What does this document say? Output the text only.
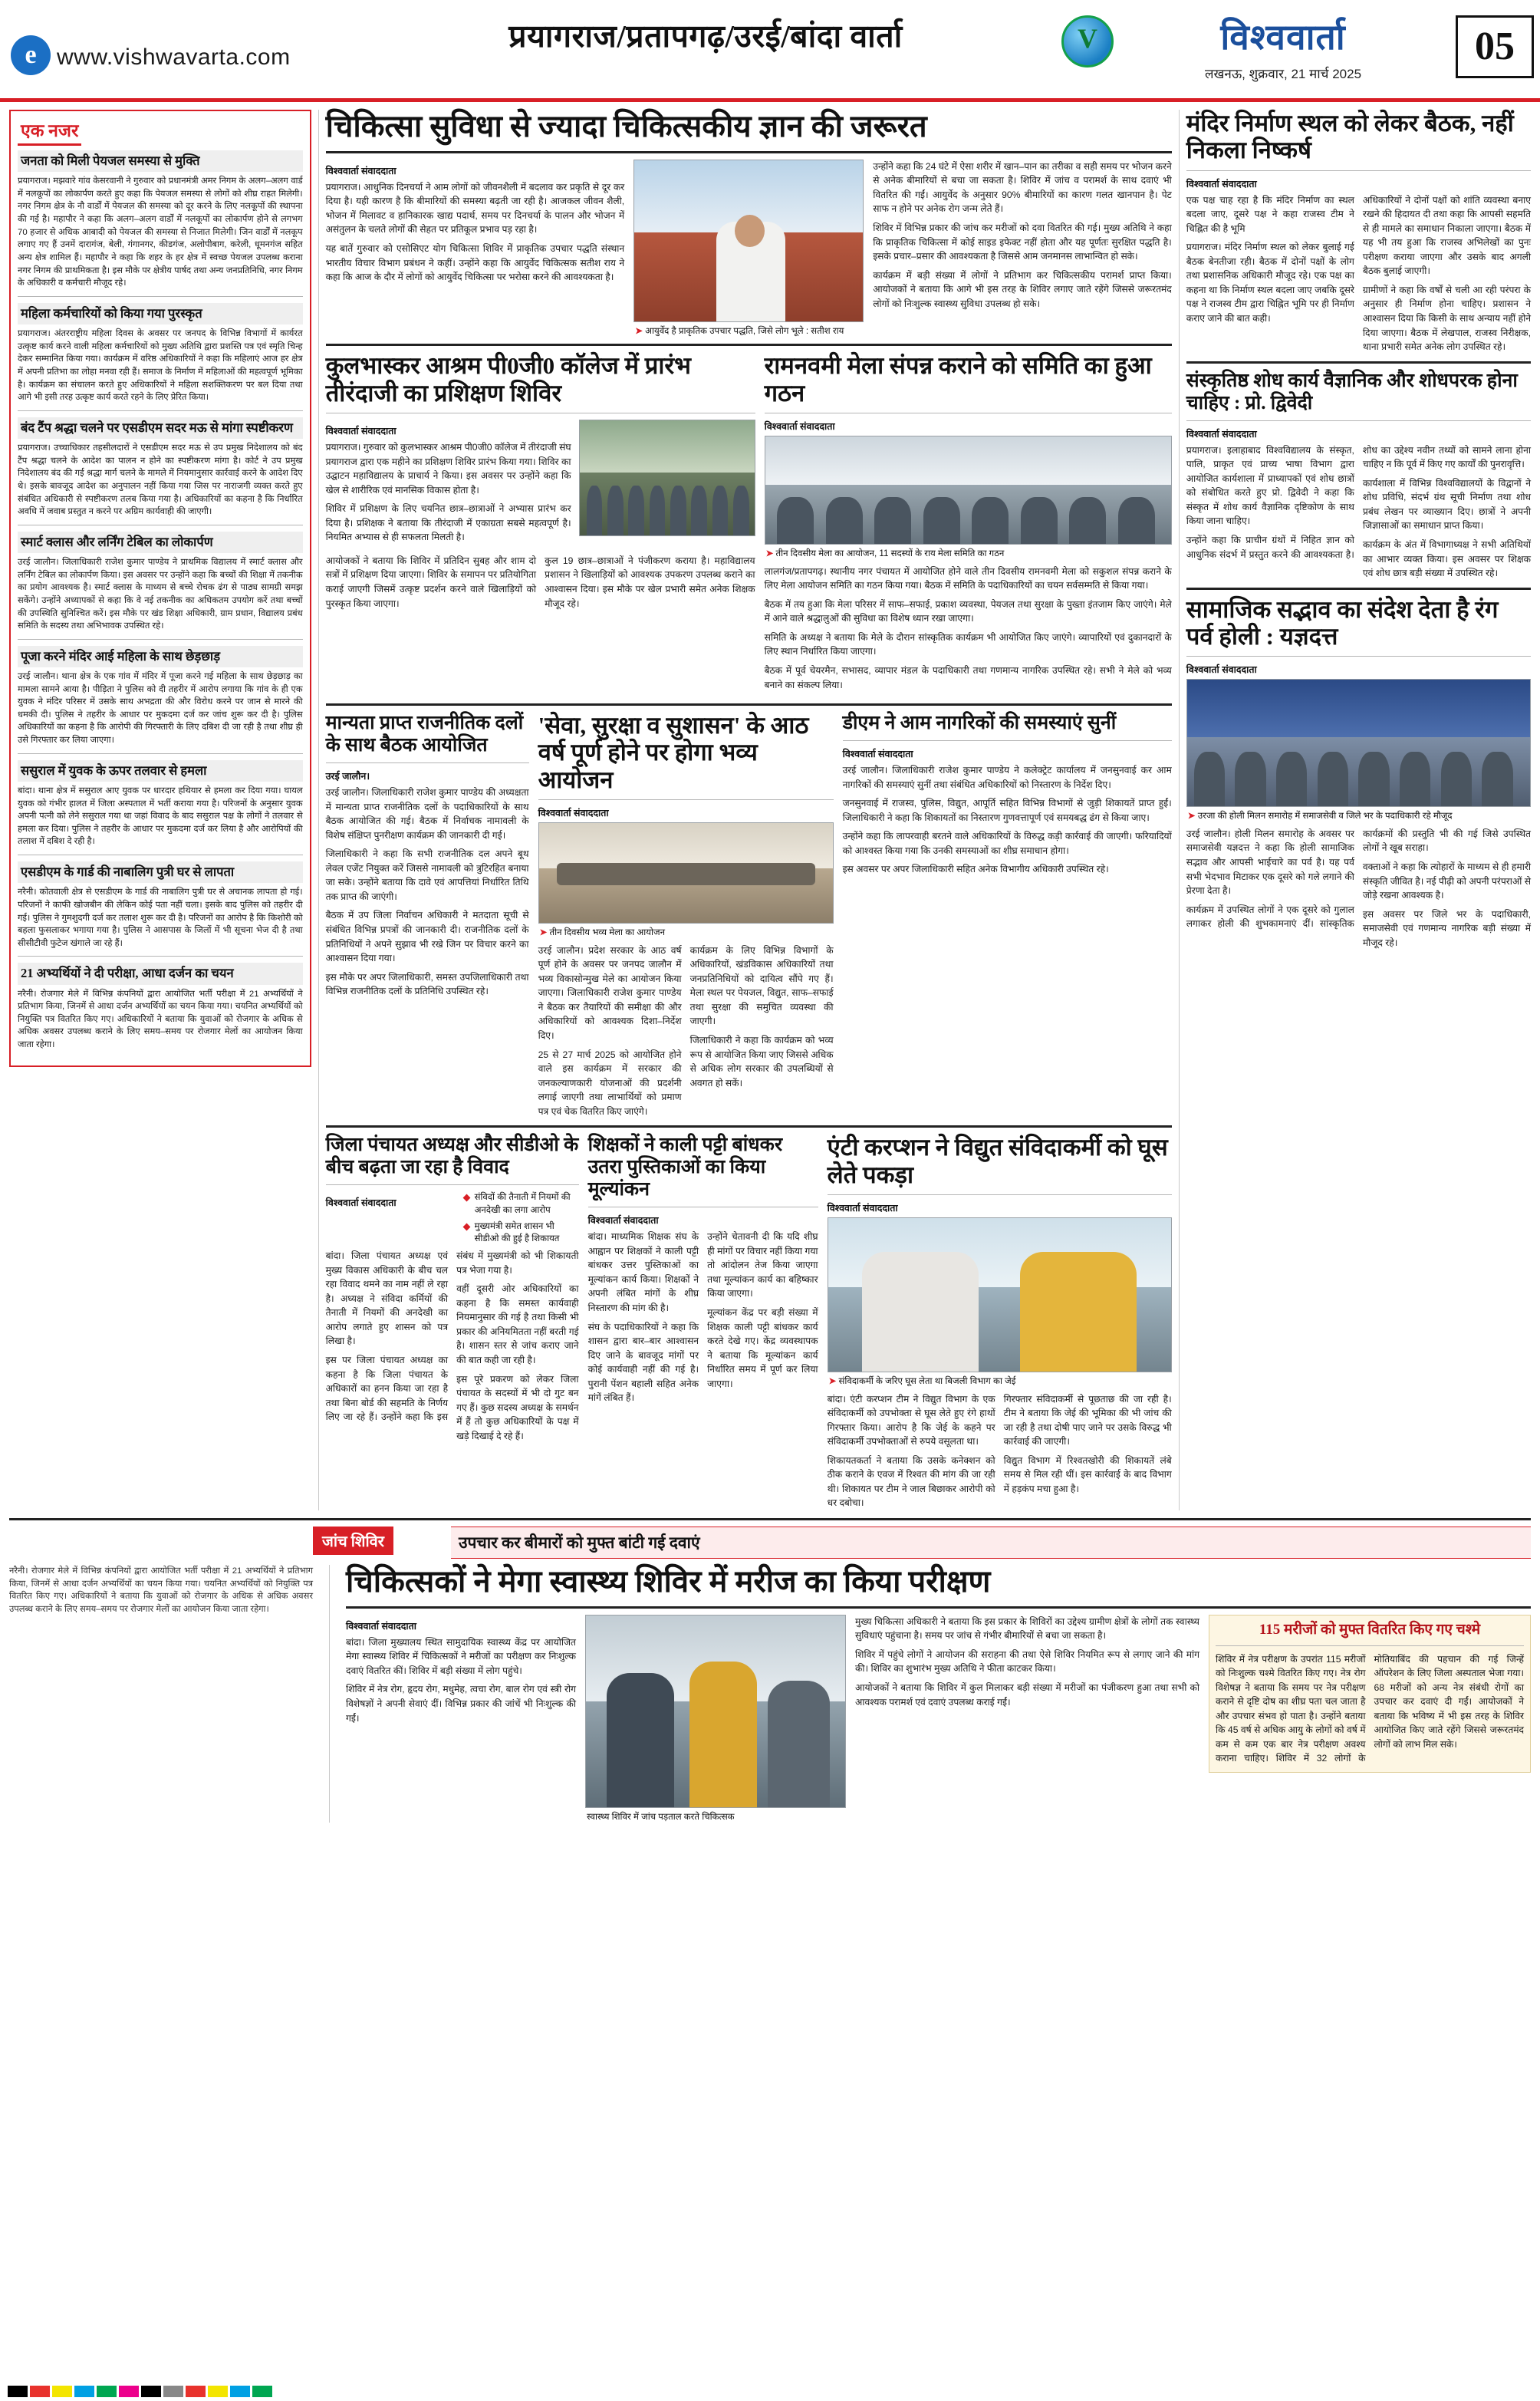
e www.vishwavarta.com
प्रयागराज/प्रतापगढ़/उरई/बांदा वार्ता V	विश्ववार्ता
लखनऊ, शुक्रवार, 21 मार्च 2025
05
एक नजर
जनता को मिली पेयजल समस्या से मुक्ति
प्रयागराज। मझवारे गांव केसरवानी ने गुरुवार को प्रधानमंत्री अमर निगम के अलग–अलग वार्ड में नलकूपों का लोकार्पण करते हुए कहा कि पेयजल समस्या से लोगों को शीघ्र राहत मिलेगी। नगर निगम क्षेत्र के नौ वार्डों में पेयजल की समस्या को दूर करने के लिए नलकूपों की स्थापना की गई है। महापौर ने कहा कि अलग–अलग वार्डों में नलकूपों का लोकार्पण होने से लगभग 70 हजार से अधिक आबादी को पेयजल की समस्या से निजात मिलेगी। जिन वार्डों में नलकूप लगाए गए हैं उनमें दारागंज, बेली, गंगानगर, कीडगंज, अलोपीबाग, करेली, धूमनगंज सहित अन्य क्षेत्र शामिल हैं। महापौर ने कहा कि शहर के हर क्षेत्र में स्वच्छ पेयजल उपलब्ध कराना नगर निगम की प्राथमिकता है। इस मौके पर क्षेत्रीय पार्षद तथा अन्य जनप्रतिनिधि, नगर निगम के अधिकारी व कर्मचारी मौजूद रहे।
महिला कर्मचारियों को किया गया पुरस्कृत
प्रयागराज। अंतरराष्ट्रीय महिला दिवस के अवसर पर जनपद के विभिन्न विभागों में कार्यरत उत्कृष्ट कार्य करने वाली महिला कर्मचारियों को मुख्य अतिथि द्वारा प्रशस्ति पत्र एवं स्मृति चिन्ह देकर सम्मानित किया गया। कार्यक्रम में वरिष्ठ अधिकारियों ने कहा कि महिलाएं आज हर क्षेत्र में अपनी प्रतिभा का लोहा मनवा रही हैं। समाज के निर्माण में महिलाओं की महत्वपूर्ण भूमिका है। कार्यक्रम का संचालन करते हुए अधिकारियों ने महिला सशक्तिकरण पर बल दिया तथा आगे भी इसी तरह उत्कृष्ट कार्य करते रहने के लिए प्रेरित किया।
बंद टैंप श्रद्धा चलने पर एसडीएम सदर मऊ से मांगा स्पष्टीकरण
प्रयागराज। उच्चाधिकार तहसीलदारों ने एसडीएम सदर मऊ से उप प्रमुख निदेशालय को बंद टैंप श्रद्धा चलने के आदेश का पालन न होने का स्पष्टीकरण मांगा है। कोर्ट ने उप प्रमुख निदेशालय बंद की गई श्रद्धा मार्ग चलने के मामले में नियमानुसार कार्रवाई करने के आदेश दिए थे। इसके बावजूद आदेश का अनुपालन नहीं किया गया जिस पर नाराजगी व्यक्त करते हुए संबंधित अधिकारी से स्पष्टीकरण तलब किया गया है। अधिकारियों का कहना है कि निर्धारित अवधि में जवाब प्रस्तुत न करने पर अग्रिम कार्यवाही की जाएगी।
स्मार्ट क्लास और लर्निंग टेबिल का लोकार्पण
उरई जालौन। जिलाधिकारी राजेश कुमार पाण्डेय ने प्राथमिक विद्यालय में स्मार्ट क्लास और लर्निंग टेबिल का लोकार्पण किया। इस अवसर पर उन्होंने कहा कि बच्चों की शिक्षा में तकनीक का प्रयोग आवश्यक है। स्मार्ट क्लास के माध्यम से बच्चे रोचक ढंग से पाठ्य सामग्री समझ सकेंगे। उन्होंने अध्यापकों से कहा कि वे नई तकनीक का अधिकतम उपयोग करें तथा बच्चों की उपस्थिति सुनिश्चित करें। इस मौके पर खंड शिक्षा अधिकारी, ग्राम प्रधान, विद्यालय प्रबंध समिति के सदस्य तथा अभिभावक उपस्थित रहे।
पूजा करने मंदिर आई महिला के साथ छेड़छाड़
उरई जालौन। थाना क्षेत्र के एक गांव में मंदिर में पूजा करने गई महिला के साथ छेड़छाड़ का मामला सामने आया है। पीड़िता ने पुलिस को दी तहरीर में आरोप लगाया कि गांव के ही एक युवक ने मंदिर परिसर में उसके साथ अभद्रता की और विरोध करने पर जान से मारने की धमकी दी। पुलिस ने तहरीर के आधार पर मुकदमा दर्ज कर जांच शुरू कर दी है। पुलिस अधिकारियों का कहना है कि आरोपी की गिरफ्तारी के लिए दबिश दी जा रही है तथा शीघ्र ही उसे गिरफ्तार कर लिया जाएगा।
ससुराल में युवक के ऊपर तलवार से हमला
बांदा। थाना क्षेत्र में ससुराल आए युवक पर धारदार हथियार से हमला कर दिया गया। घायल युवक को गंभीर हालत में जिला अस्पताल में भर्ती कराया गया है। परिजनों के अनुसार युवक अपनी पत्नी को लेने ससुराल गया था जहां विवाद के बाद ससुराल पक्ष के लोगों ने तलवार से हमला कर दिया। पुलिस ने तहरीर के आधार पर मुकदमा दर्ज कर लिया है और आरोपियों की तलाश में दबिश दे रही है।
एसडीएम के गार्ड की नाबालिग पुत्री घर से लापता
नरैनी। कोतवाली क्षेत्र से एसडीएम के गार्ड की नाबालिग पुत्री घर से अचानक लापता हो गई। परिजनों ने काफी खोजबीन की लेकिन कोई पता नहीं चला। इसके बाद पुलिस को तहरीर दी गई। पुलिस ने गुमशुदगी दर्ज कर तलाश शुरू कर दी है। परिजनों का आरोप है कि किशोरी को बहला फुसलाकर भगाया गया है। पुलिस ने आसपास के जिलों में भी सूचना भेज दी है तथा सीसीटीवी फुटेज खंगाले जा रहे हैं।
21 अभ्यर्थियों ने दी परीक्षा, आधा दर्जन का चयन
नरैनी। रोजगार मेले में विभिन्न कंपनियों द्वारा आयोजित भर्ती परीक्षा में 21 अभ्यर्थियों ने प्रतिभाग किया, जिनमें से आधा दर्जन अभ्यर्थियों का चयन किया गया। चयनित अभ्यर्थियों को नियुक्ति पत्र वितरित किए गए। अधिकारियों ने बताया कि युवाओं को रोजगार के अधिक से अधिक अवसर उपलब्ध कराने के लिए समय–समय पर रोजगार मेलों का आयोजन किया जाता रहेगा।
चिकित्सा सुविधा से ज्यादा चिकित्सकीय ज्ञान की जरूरत
विश्ववार्ता संवाददाता

प्रयागराज। आधुनिक दिनचर्या ने आम लोगों को जीवनशैली में बदलाव कर प्रकृति से दूर कर दिया है। यही कारण है कि बीमारियों की समस्या बढ़ती जा रही है। आजकल जीवन शैली, भोजन में मिलावट व हानिकारक खाद्य पदार्थ, समय पर दिनचर्या के पालन और भोजन में असंतुलन के चलते लोगों की सेहत पर प्रतिकूल प्रभाव पड़ रहा है।

यह बातें गुरुवार को एसोसिएट योग चिकित्सा शिविर में प्राकृतिक उपचार पद्धति संस्थान भारतीय विचार विभाग प्रबंधन ने कहीं। उन्होंने कहा कि आयुर्वेद चिकित्सक सतीश राय ने कहा कि आज के दौर में लोगों को आयुर्वेद चिकित्सा पर भरोसा करने की आवश्यकता है।

➤ आयुर्वेद है प्राकृतिक उपचार पद्धति, जिसे लोग भूले : सतीश राय

उन्होंने कहा कि 24 घंटे में ऐसा शरीर में खान–पान का तरीका व सही समय पर भोजन करने से अनेक बीमारियों से बचा जा सकता है। शिविर में जांच व परामर्श के साथ दवाएं भी वितरित की गईं। आयुर्वेद के अनुसार 90% बीमारियों का कारण गलत खानपान है। पेट साफ न होने पर अनेक रोग जन्म लेते हैं।

शिविर में विभिन्न प्रकार की जांच कर मरीजों को दवा वितरित की गई। मुख्य अतिथि ने कहा कि प्राकृतिक चिकित्सा में कोई साइड इफेक्ट नहीं होता और यह पूर्णतः सुरक्षित पद्धति है। इसके प्रचार–प्रसार की आवश्यकता है जिससे आम जनमानस लाभान्वित हो सके।

कार्यक्रम में बड़ी संख्या में लोगों ने प्रतिभाग कर चिकित्सकीय परामर्श प्राप्त किया। आयोजकों ने बताया कि आगे भी इस तरह के शिविर लगाए जाते रहेंगे जिससे जरूरतमंद लोगों को निःशुल्क स्वास्थ्य सुविधा उपलब्ध हो सके।

कुलभास्कर आश्रम पी0जी0 कॉलेज में प्रारंभ तीरंदाजी का प्रशिक्षण शिविर
विश्ववार्ता संवाददाता

प्रयागराज। गुरुवार को कुलभास्कर आश्रम पी0जी0 कॉलेज में तीरंदाजी संघ प्रयागराज द्वारा एक महीने का प्रशिक्षण शिविर प्रारंभ किया गया। शिविर का उद्घाटन महाविद्यालय के प्राचार्य ने किया। इस अवसर पर उन्होंने कहा कि खेल से शारीरिक एवं मानसिक विकास होता है।

शिविर में प्रशिक्षण के लिए चयनित छात्र–छात्राओं ने अभ्यास प्रारंभ कर दिया है। प्रशिक्षक ने बताया कि तीरंदाजी में एकाग्रता सबसे महत्वपूर्ण है। नियमित अभ्यास से ही सफलता मिलती है।

आयोजकों ने बताया कि शिविर में प्रतिदिन सुबह और शाम दो सत्रों में प्रशिक्षण दिया जाएगा। शिविर के समापन पर प्रतियोगिता कराई जाएगी जिसमें उत्कृष्ट प्रदर्शन करने वाले खिलाड़ियों को पुरस्कृत किया जाएगा।

कुल 19 छात्र–छात्राओं ने पंजीकरण कराया है। महाविद्यालय प्रशासन ने खिलाड़ियों को आवश्यक उपकरण उपलब्ध कराने का आश्वासन दिया। इस मौके पर खेल प्रभारी समेत अनेक शिक्षक मौजूद रहे।

रामनवमी मेला संपन्न कराने को समिति का हुआ गठन
विश्ववार्ता संवाददाता
➤ तीन दिवसीय मेला का आयोजन, 11 सदस्यों के राय मेला समिति का गठन

लालगंज/प्रतापगढ़। स्थानीय नगर पंचायत में आयोजित होने वाले तीन दिवसीय रामनवमी मेला को सकुशल संपन्न कराने के लिए मेला आयोजन समिति का गठन किया गया। बैठक में समिति के पदाधिकारियों का चयन सर्वसम्मति से किया गया।

बैठक में तय हुआ कि मेला परिसर में साफ–सफाई, प्रकाश व्यवस्था, पेयजल तथा सुरक्षा के पुख्ता इंतजाम किए जाएंगे। मेले में आने वाले श्रद्धालुओं की सुविधा का विशेष ध्यान रखा जाएगा।

समिति के अध्यक्ष ने बताया कि मेले के दौरान सांस्कृतिक कार्यक्रम भी आयोजित किए जाएंगे। व्यापारियों एवं दुकानदारों के लिए स्थान निर्धारित किया जाएगा।

बैठक में पूर्व चेयरमैन, सभासद, व्यापार मंडल के पदाधिकारी तथा गणमान्य नागरिक उपस्थित रहे। सभी ने मेले को भव्य बनाने का संकल्प लिया।

मान्यता प्राप्त राजनीतिक दलों के साथ बैठक आयोजित
उरई जालौन।

उरई जालौन। जिलाधिकारी राजेश कुमार पाण्डेय की अध्यक्षता में मान्यता प्राप्त राजनीतिक दलों के पदाधिकारियों के साथ बैठक आयोजित की गई। बैठक में निर्वाचक नामावली के विशेष संक्षिप्त पुनरीक्षण कार्यक्रम की जानकारी दी गई।

जिलाधिकारी ने कहा कि सभी राजनीतिक दल अपने बूथ लेवल एजेंट नियुक्त करें जिससे नामावली को त्रुटिरहित बनाया जा सके। उन्होंने बताया कि दावे एवं आपत्तियां निर्धारित तिथि तक प्राप्त की जाएंगी।

बैठक में उप जिला निर्वाचन अधिकारी ने मतदाता सूची से संबंधित विभिन्न प्रपत्रों की जानकारी दी। राजनीतिक दलों के प्रतिनिधियों ने अपने सुझाव भी रखे जिन पर विचार करने का आश्वासन दिया गया।

इस मौके पर अपर जिलाधिकारी, समस्त उपजिलाधिकारी तथा विभिन्न राजनीतिक दलों के प्रतिनिधि उपस्थित रहे।

'सेवा, सुरक्षा व सुशासन' के आठ वर्ष पूर्ण होने पर होगा भव्य आयोजन
विश्ववार्ता संवाददाता
➤ तीन दिवसीय भव्य मेला का आयोजन

उरई जालौन। प्रदेश सरकार के आठ वर्ष पूर्ण होने के अवसर पर जनपद जालौन में भव्य विकासोन्मुख मेले का आयोजन किया जाएगा। जिलाधिकारी राजेश कुमार पाण्डेय ने बैठक कर तैयारियों की समीक्षा की और अधिकारियों को आवश्यक दिशा–निर्देश दिए।

25 से 27 मार्च 2025 को आयोजित होने वाले इस कार्यक्रम में सरकार की जनकल्याणकारी योजनाओं की प्रदर्शनी लगाई जाएगी तथा लाभार्थियों को प्रमाण पत्र एवं चेक वितरित किए जाएंगे।

कार्यक्रम के लिए विभिन्न विभागों के अधिकारियों, खंडविकास अधिकारियों तथा जनप्रतिनिधियों को दायित्व सौंपे गए हैं। मेला स्थल पर पेयजल, विद्युत, साफ–सफाई तथा सुरक्षा की समुचित व्यवस्था की जाएगी।

जिलाधिकारी ने कहा कि कार्यक्रम को भव्य रूप से आयोजित किया जाए जिससे अधिक से अधिक लोग सरकार की उपलब्धियों से अवगत हो सकें।

डीएम ने आम नागरिकों की समस्याएं सुनीं
विश्ववार्ता संवाददाता

उरई जालौन। जिलाधिकारी राजेश कुमार पाण्डेय ने कलेक्ट्रेट कार्यालय में जनसुनवाई कर आम नागरिकों की समस्याएं सुनीं तथा संबंधित अधिकारियों को निस्तारण के निर्देश दिए।

जनसुनवाई में राजस्व, पुलिस, विद्युत, आपूर्ति सहित विभिन्न विभागों से जुड़ी शिकायतें प्राप्त हुईं। जिलाधिकारी ने कहा कि शिकायतों का निस्तारण गुणवत्तापूर्ण एवं समयबद्ध ढंग से किया जाए।

उन्होंने कहा कि लापरवाही बरतने वाले अधिकारियों के विरुद्ध कड़ी कार्रवाई की जाएगी। फरियादियों को आश्वस्त किया गया कि उनकी समस्याओं का शीघ्र समाधान होगा।

इस अवसर पर अपर जिलाधिकारी सहित अनेक विभागीय अधिकारी उपस्थित रहे।

जिला पंचायत अध्यक्ष और सीडीओ के बीच बढ़ता जा रहा है विवाद
विश्ववार्ता संवाददाता
संविदों की तैनाती में नियमों की अनदेखी का लगा आरोप
मुख्यमंत्री समेत शासन भी सीडीओ की हुई है शिकायत

बांदा। जिला पंचायत अध्यक्ष एवं मुख्य विकास अधिकारी के बीच चल रहा विवाद थमने का नाम नहीं ले रहा है। अध्यक्ष ने संविदा कर्मियों की तैनाती में नियमों की अनदेखी का आरोप लगाते हुए शासन को पत्र लिखा है।

इस पर जिला पंचायत अध्यक्ष का कहना है कि जिला पंचायत के अधिकारों का हनन किया जा रहा है तथा बिना बोर्ड की सहमति के निर्णय लिए जा रहे हैं। उन्होंने कहा कि इस संबंध में मुख्यमंत्री को भी शिकायती पत्र भेजा गया है।

वहीं दूसरी ओर अधिकारियों का कहना है कि समस्त कार्यवाही नियमानुसार की गई है तथा किसी भी प्रकार की अनियमितता नहीं बरती गई है। शासन स्तर से जांच कराए जाने की बात कही जा रही है।

इस पूरे प्रकरण को लेकर जिला पंचायत के सदस्यों में भी दो गुट बन गए हैं। कुछ सदस्य अध्यक्ष के समर्थन में हैं तो कुछ अधिकारियों के पक्ष में खड़े दिखाई दे रहे हैं।

शिक्षकों ने काली पट्टी बांधकर उतरा पुस्तिकाओं का किया मूल्यांकन
विश्ववार्ता संवाददाता

बांदा। माध्यमिक शिक्षक संघ के आह्वान पर शिक्षकों ने काली पट्टी बांधकर उत्तर पुस्तिकाओं का मूल्यांकन कार्य किया। शिक्षकों ने अपनी लंबित मांगों के शीघ्र निस्तारण की मांग की है।

संघ के पदाधिकारियों ने कहा कि शासन द्वारा बार–बार आश्वासन दिए जाने के बावजूद मांगों पर कोई कार्यवाही नहीं की गई है। पुरानी पेंशन बहाली सहित अनेक मांगें लंबित हैं।

उन्होंने चेतावनी दी कि यदि शीघ्र ही मांगों पर विचार नहीं किया गया तो आंदोलन तेज किया जाएगा तथा मूल्यांकन कार्य का बहिष्कार किया जाएगा।

मूल्यांकन केंद्र पर बड़ी संख्या में शिक्षक काली पट्टी बांधकर कार्य करते देखे गए। केंद्र व्यवस्थापक ने बताया कि मूल्यांकन कार्य निर्धारित समय में पूर्ण कर लिया जाएगा।

एंटी करप्शन ने विद्युत संविदाकर्मी को घूस लेते पकड़ा
विश्ववार्ता संवाददाता
➤ संविदाकर्मी के जरिए घूस लेता था बिजली विभाग का जेई

बांदा। एंटी करप्शन टीम ने विद्युत विभाग के एक संविदाकर्मी को उपभोक्ता से घूस लेते हुए रंगे हाथों गिरफ्तार किया। आरोप है कि जेई के कहने पर संविदाकर्मी उपभोक्ताओं से रुपये वसूलता था।

शिकायतकर्ता ने बताया कि उसके कनेक्शन को ठीक कराने के एवज में रिश्वत की मांग की जा रही थी। शिकायत पर टीम ने जाल बिछाकर आरोपी को धर दबोचा।

गिरफ्तार संविदाकर्मी से पूछताछ की जा रही है। टीम ने बताया कि जेई की भूमिका की भी जांच की जा रही है तथा दोषी पाए जाने पर उसके विरुद्ध भी कार्रवाई की जाएगी।

विद्युत विभाग में रिश्वतखोरी की शिकायतें लंबे समय से मिल रही थीं। इस कार्रवाई के बाद विभाग में हड़कंप मचा हुआ है।

मंदिर निर्माण स्थल को लेकर बैठक, नहीं निकला निष्कर्ष
विश्ववार्ता संवाददाता

एक पक्ष चाह रहा है कि मंदिर निर्माण का स्थल बदला जाए, दूसरे पक्ष ने कहा राजस्व टीम ने चिह्नित की है भूमि

प्रयागराज। मंदिर निर्माण स्थल को लेकर बुलाई गई बैठक बेनतीजा रही। बैठक में दोनों पक्षों के लोग तथा प्रशासनिक अधिकारी मौजूद रहे। एक पक्ष का कहना था कि निर्माण स्थल बदला जाए जबकि दूसरे पक्ष ने राजस्व टीम द्वारा चिह्नित भूमि पर ही निर्माण कराए जाने की बात कही।

अधिकारियों ने दोनों पक्षों को शांति व्यवस्था बनाए रखने की हिदायत दी तथा कहा कि आपसी सहमति से ही मामले का समाधान निकाला जाएगा। बैठक में यह भी तय हुआ कि राजस्व अभिलेखों का पुनः परीक्षण कराया जाएगा और उसके बाद अगली बैठक बुलाई जाएगी।

ग्रामीणों ने कहा कि वर्षों से चली आ रही परंपरा के अनुसार ही निर्माण होना चाहिए। प्रशासन ने आश्वासन दिया कि किसी के साथ अन्याय नहीं होने दिया जाएगा। बैठक में लेखपाल, राजस्व निरीक्षक, थाना प्रभारी समेत अनेक लोग उपस्थित रहे।

संस्कृतिष्ठ शोध कार्य वैज्ञानिक और शोधपरक होना चाहिए : प्रो. द्विवेदी
विश्ववार्ता संवाददाता

प्रयागराज। इलाहाबाद विश्वविद्यालय के संस्कृत, पालि, प्राकृत एवं प्राच्य भाषा विभाग द्वारा आयोजित कार्यशाला में प्राध्यापकों एवं शोध छात्रों को संबोधित करते हुए प्रो. द्विवेदी ने कहा कि संस्कृत में शोध कार्य वैज्ञानिक दृष्टिकोण के साथ किया जाना चाहिए।

उन्होंने कहा कि प्राचीन ग्रंथों में निहित ज्ञान को आधुनिक संदर्भ में प्रस्तुत करने की आवश्यकता है। शोध का उद्देश्य नवीन तथ्यों को सामने लाना होना चाहिए न कि पूर्व में किए गए कार्यों की पुनरावृत्ति।

कार्यशाला में विभिन्न विश्वविद्यालयों के विद्वानों ने शोध प्रविधि, संदर्भ ग्रंथ सूची निर्माण तथा शोध प्रबंध लेखन पर व्याख्यान दिए। छात्रों ने अपनी जिज्ञासाओं का समाधान प्राप्त किया।

कार्यक्रम के अंत में विभागाध्यक्ष ने सभी अतिथियों का आभार व्यक्त किया। इस अवसर पर शिक्षक एवं शोध छात्र बड़ी संख्या में उपस्थित रहे।

सामाजिक सद्भाव का संदेश देता है रंग पर्व होली : यज्ञदत्त
विश्ववार्ता संवाददाता
➤ उरजा की होली मिलन समारोह में समाजसेवी व जिले भर के पदाधिकारी रहे मौजूद

उरई जालौन। होली मिलन समारोह के अवसर पर समाजसेवी यज्ञदत्त ने कहा कि होली सामाजिक सद्भाव और आपसी भाईचारे का पर्व है। यह पर्व सभी भेदभाव मिटाकर एक दूसरे को गले लगाने की प्रेरणा देता है।

कार्यक्रम में उपस्थित लोगों ने एक दूसरे को गुलाल लगाकर होली की शुभकामनाएं दीं। सांस्कृतिक कार्यक्रमों की प्रस्तुति भी की गई जिसे उपस्थित लोगों ने खूब सराहा।

वक्ताओं ने कहा कि त्योहारों के माध्यम से ही हमारी संस्कृति जीवित है। नई पीढ़ी को अपनी परंपराओं से जोड़े रखना आवश्यक है।

इस अवसर पर जिले भर के पदाधिकारी, समाजसेवी एवं गणमान्य नागरिक बड़ी संख्या में मौजूद रहे।

जांच शिविर	उपचार कर बीमारों को मुफ्त बांटी गई दवाएं
नरैनी। रोजगार मेले में विभिन्न कंपनियों द्वारा आयोजित भर्ती परीक्षा में 21 अभ्यर्थियों ने प्रतिभाग किया, जिनमें से आधा दर्जन अभ्यर्थियों का चयन किया गया। चयनित अभ्यर्थियों को नियुक्ति पत्र वितरित किए गए। अधिकारियों ने बताया कि युवाओं को रोजगार के अधिक से अधिक अवसर उपलब्ध कराने के लिए समय–समय पर रोजगार मेलों का आयोजन किया जाता रहेगा।
चिकित्सकों ने मेगा स्वास्थ्य शिविर में मरीज का किया परीक्षण
विश्ववार्ता संवाददाता

बांदा। जिला मुख्यालय स्थित सामुदायिक स्वास्थ्य केंद्र पर आयोजित मेगा स्वास्थ्य शिविर में चिकित्सकों ने मरीजों का परीक्षण कर निःशुल्क दवाएं वितरित कीं। शिविर में बड़ी संख्या में लोग पहुंचे।

शिविर में नेत्र रोग, हृदय रोग, मधुमेह, त्वचा रोग, बाल रोग एवं स्त्री रोग विशेषज्ञों ने अपनी सेवाएं दीं। विभिन्न प्रकार की जांचें भी निःशुल्क की गईं।

स्वास्थ्य शिविर में जांच पड़ताल करते चिकित्सक

मुख्य चिकित्सा अधिकारी ने बताया कि इस प्रकार के शिविरों का उद्देश्य ग्रामीण क्षेत्रों के लोगों तक स्वास्थ्य सुविधाएं पहुंचाना है। समय पर जांच से गंभीर बीमारियों से बचा जा सकता है।

शिविर में पहुंचे लोगों ने आयोजन की सराहना की तथा ऐसे शिविर नियमित रूप से लगाए जाने की मांग की। शिविर का शुभारंभ मुख्य अतिथि ने फीता काटकर किया।

आयोजकों ने बताया कि शिविर में कुल मिलाकर बड़ी संख्या में मरीजों का पंजीकरण हुआ तथा सभी को आवश्यक परामर्श एवं दवाएं उपलब्ध कराई गईं।

115 मरीजों को मुफ्त वितरित किए गए चश्मे

शिविर में नेत्र परीक्षण के उपरांत 115 मरीजों को निःशुल्क चश्मे वितरित किए गए। नेत्र रोग विशेषज्ञ ने बताया कि समय पर नेत्र परीक्षण कराने से दृष्टि दोष का शीघ्र पता चल जाता है और उपचार संभव हो पाता है। उन्होंने बताया कि 45 वर्ष से अधिक आयु के लोगों को वर्ष में कम से कम एक बार नेत्र परीक्षण अवश्य कराना चाहिए। शिविर में 32 लोगों के मोतियाबिंद की पहचान की गई जिन्हें ऑपरेशन के लिए जिला अस्पताल भेजा गया। 68 मरीजों को अन्य नेत्र संबंधी रोगों का उपचार कर दवाएं दी गईं। आयोजकों ने बताया कि भविष्य में भी इस तरह के शिविर आयोजित किए जाते रहेंगे जिससे जरूरतमंद लोगों को लाभ मिल सके।
